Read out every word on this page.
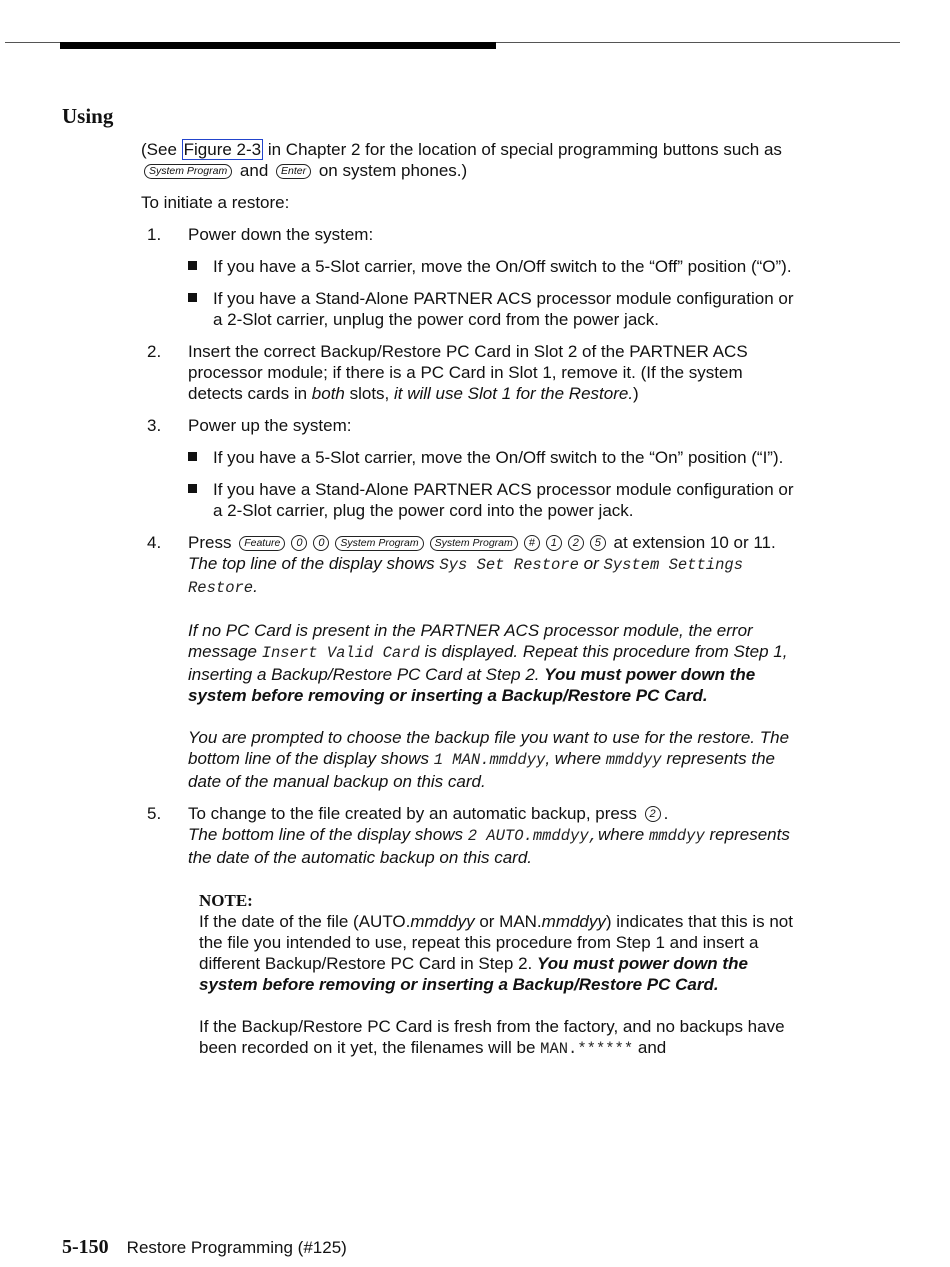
Using

(See Figure 2-3 in Chapter 2 for the location of special programming buttons such as System Program and Enter on system phones.)

To initiate a restore:

1. Power down the system:

If you have a 5-Slot carrier, move the On/Off switch to the “Off” position (“O”).
If you have a Stand-Alone PARTNER ACS processor module configuration or a 2-Slot carrier, unplug the power cord from the power jack.
2. Insert the correct Backup/Restore PC Card in Slot 2 of the PARTNER ACS processor module; if there is a PC Card in Slot 1, remove it. (If the system detects cards in both slots, it will use Slot 1 for the Restore.)

3. Power up the system:

If you have a 5-Slot carrier, move the On/Off switch to the “On” position (“I”).
If you have a Stand-Alone PARTNER ACS processor module configuration or a 2-Slot carrier, plug the power cord into the power jack.
4. Press Feature 0 0 System Program System Program # 1 2 5 at extension 10 or 11.

The top line of the display shows Sys Set Restore or System Settings Restore.

If no PC Card is present in the PARTNER ACS processor module, the error message Insert Valid Card is displayed. Repeat this procedure from Step 1, inserting a Backup/Restore PC Card at Step 2. You must power down the system before removing or inserting a Backup/Restore PC Card.

You are prompted to choose the backup file you want to use for the restore. The bottom line of the display shows 1 MAN.mmddyy, where mmddyy represents the date of the manual backup on this card.

5. To change to the file created by an automatic backup, press 2 .

The bottom line of the display shows 2 AUTO.mmddyy,where mmddyy represents the date of the automatic backup on this card.

NOTE:

If the date of the file (AUTO.mmddyy or MAN.mmddyy) indicates that this is not the file you intended to use, repeat this procedure from Step 1 and insert a different Backup/Restore PC Card in Step 2. You must power down the system before removing or inserting a Backup/Restore PC Card.

If the Backup/Restore PC Card is fresh from the factory, and no backups have been recorded on it yet, the filenames will be MAN.****** and

5-150 Restore Programming (#125)
